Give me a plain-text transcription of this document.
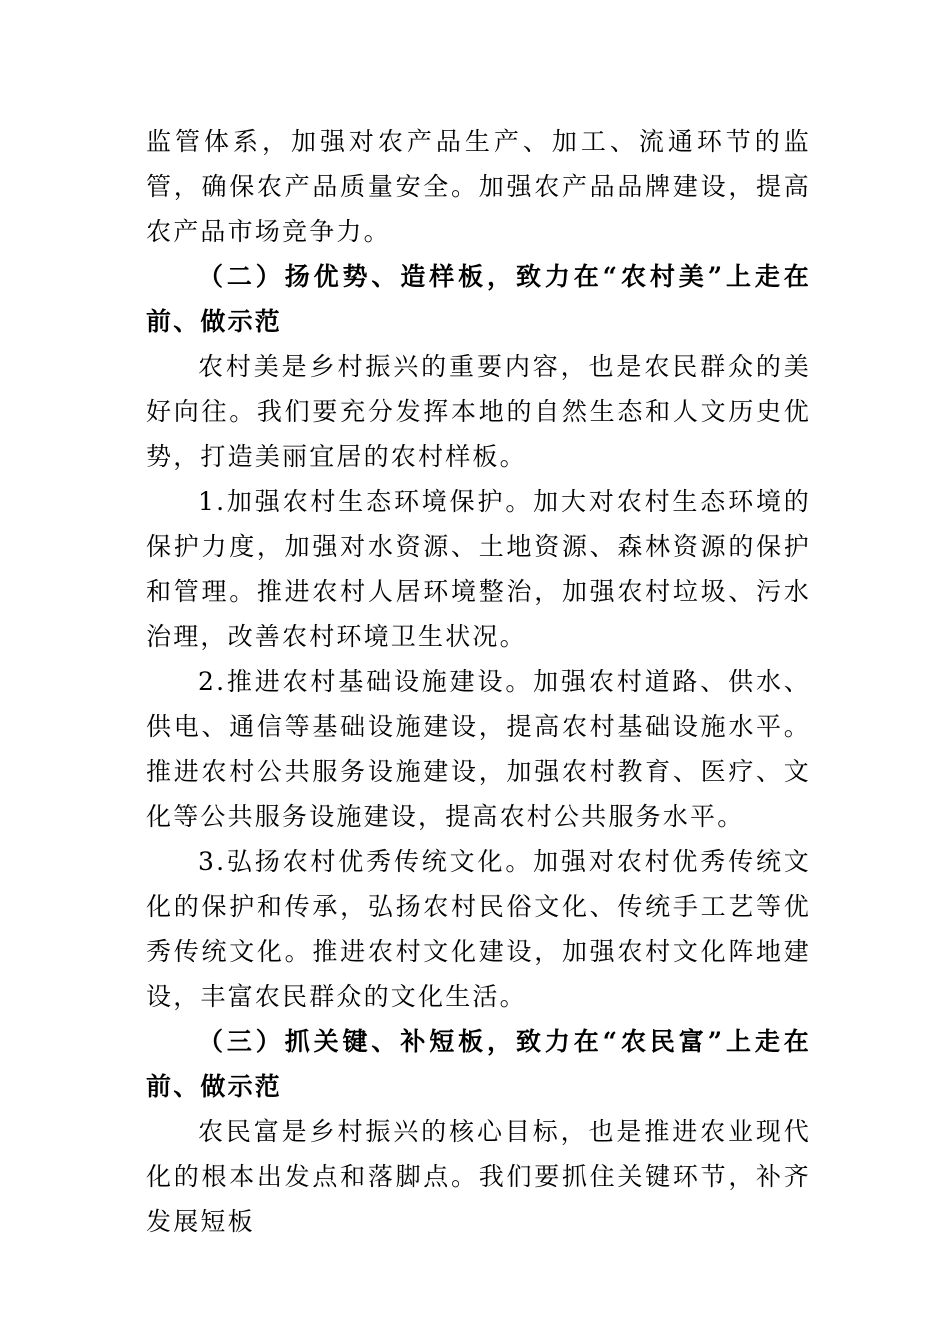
监管体系，加强对农产品生产、加工、流通环节的监管，确保农产品质量安全。加强农产品品牌建设，提高农产品市场竞争力。

（二）扬优势、造样板，致力在“农村美”上走在前、做示范

农村美是乡村振兴的重要内容，也是农民群众的美好向往。我们要充分发挥本地的自然生态和人文历史优势，打造美丽宜居的农村样板。

1.加强农村生态环境保护。加大对农村生态环境的保护力度，加强对水资源、土地资源、森林资源的保护和管理。推进农村人居环境整治，加强农村垃圾、污水治理，改善农村环境卫生状况。

2.推进农村基础设施建设。加强农村道路、供水、供电、通信等基础设施建设，提高农村基础设施水平。推进农村公共服务设施建设，加强农村教育、医疗、文化等公共服务设施建设，提高农村公共服务水平。

3.弘扬农村优秀传统文化。加强对农村优秀传统文化的保护和传承，弘扬农村民俗文化、传统手工艺等优秀传统文化。推进农村文化建设，加强农村文化阵地建设，丰富农民群众的文化生活。

（三）抓关键、补短板，致力在“农民富”上走在前、做示范

农民富是乡村振兴的核心目标，也是推进农业现代化的根本出发点和落脚点。我们要抓住关键环节，补齐发展短板
